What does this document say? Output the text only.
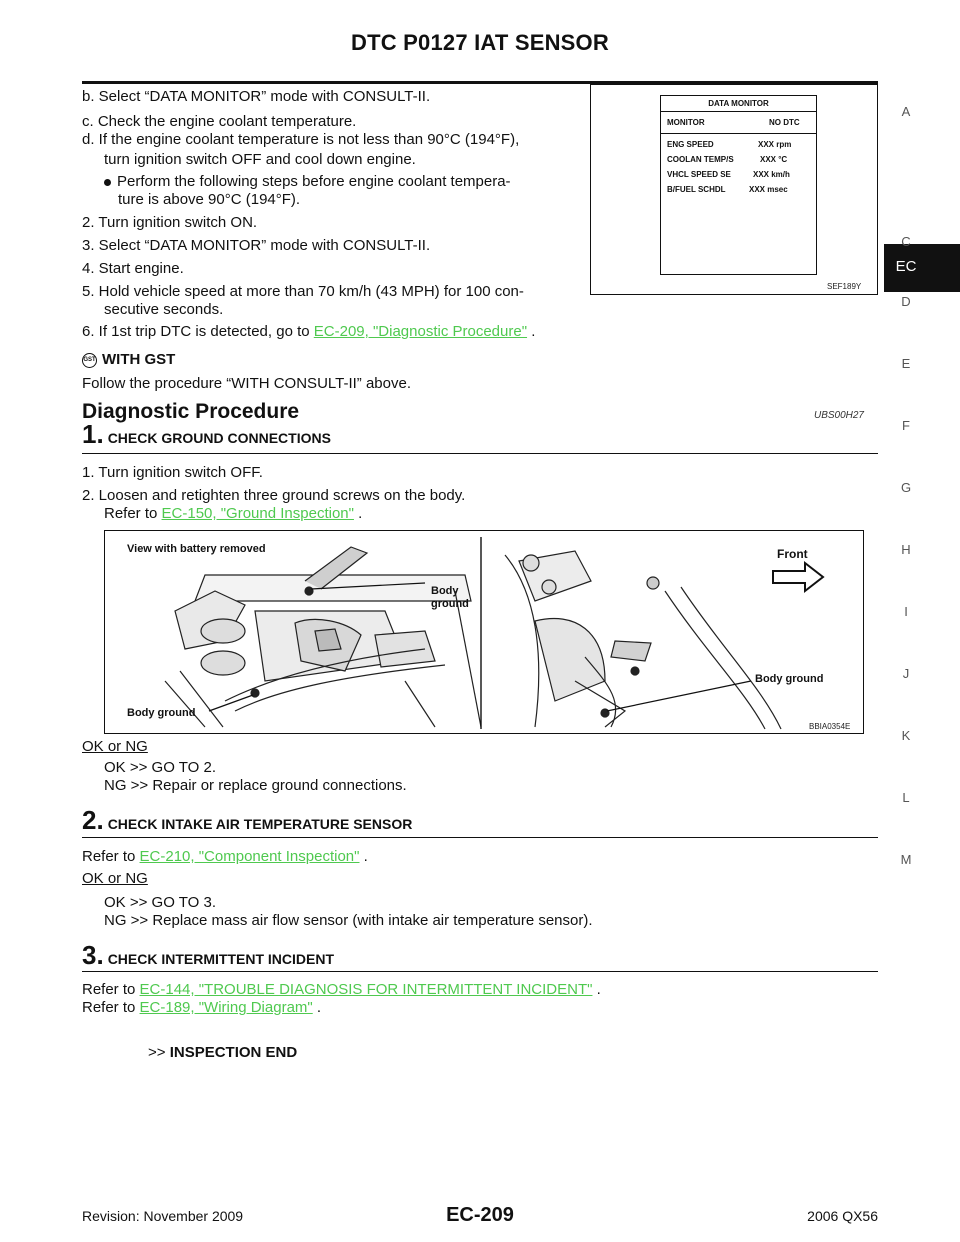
DTC P0127 IAT SENSOR
A
EC
C
D
E
F
G
H
I
J
K
L
M
b. Select “DATA MONITOR” mode with CONSULT-II.
c. Check the engine coolant temperature.
d. If the engine coolant temperature is not less than 90°C (194°F),
turn ignition switch OFF and cool down engine.
Perform the following steps before engine coolant tempera-
ture is above 90°C (194°F).
2. Turn ignition switch ON.
3. Select “DATA MONITOR” mode with CONSULT-II.
4. Start engine.
5. Hold vehicle speed at more than 70 km/h (43 MPH) for 100 con-
secutive seconds.
6. If 1st trip DTC is detected, go to EC-209, "Diagnostic Procedure" .
DATA MONITOR
MONITOR	NO DTC
ENG SPEED	XXX rpm
COOLAN TEMP/S	XXX °C
VHCL SPEED SE	XXX km/h
B/FUEL SCHDL	XXX msec
SEF189Y
GST WITH GST
Follow the procedure “WITH CONSULT-II” above.
Diagnostic Procedure	UBS00H27
1. CHECK GROUND CONNECTIONS
1. Turn ignition switch OFF.
2. Loosen and retighten three ground screws on the body.
Refer to EC-150, "Ground Inspection" .
View with battery removed
Body
ground
Body ground
Front
Body ground
BBIA0354E
OK or NG
OK >> GO TO 2.
NG >> Repair or replace ground connections.
2. CHECK INTAKE AIR TEMPERATURE SENSOR
Refer to EC-210, "Component Inspection" .
OK or NG
OK >> GO TO 3.
NG >> Replace mass air flow sensor (with intake air temperature sensor).
3. CHECK INTERMITTENT INCIDENT
Refer to EC-144, "TROUBLE DIAGNOSIS FOR INTERMITTENT INCIDENT" .
Refer to EC-189, "Wiring Diagram" .
>> INSPECTION END
Revision: November 2009	EC-209	2006 QX56
